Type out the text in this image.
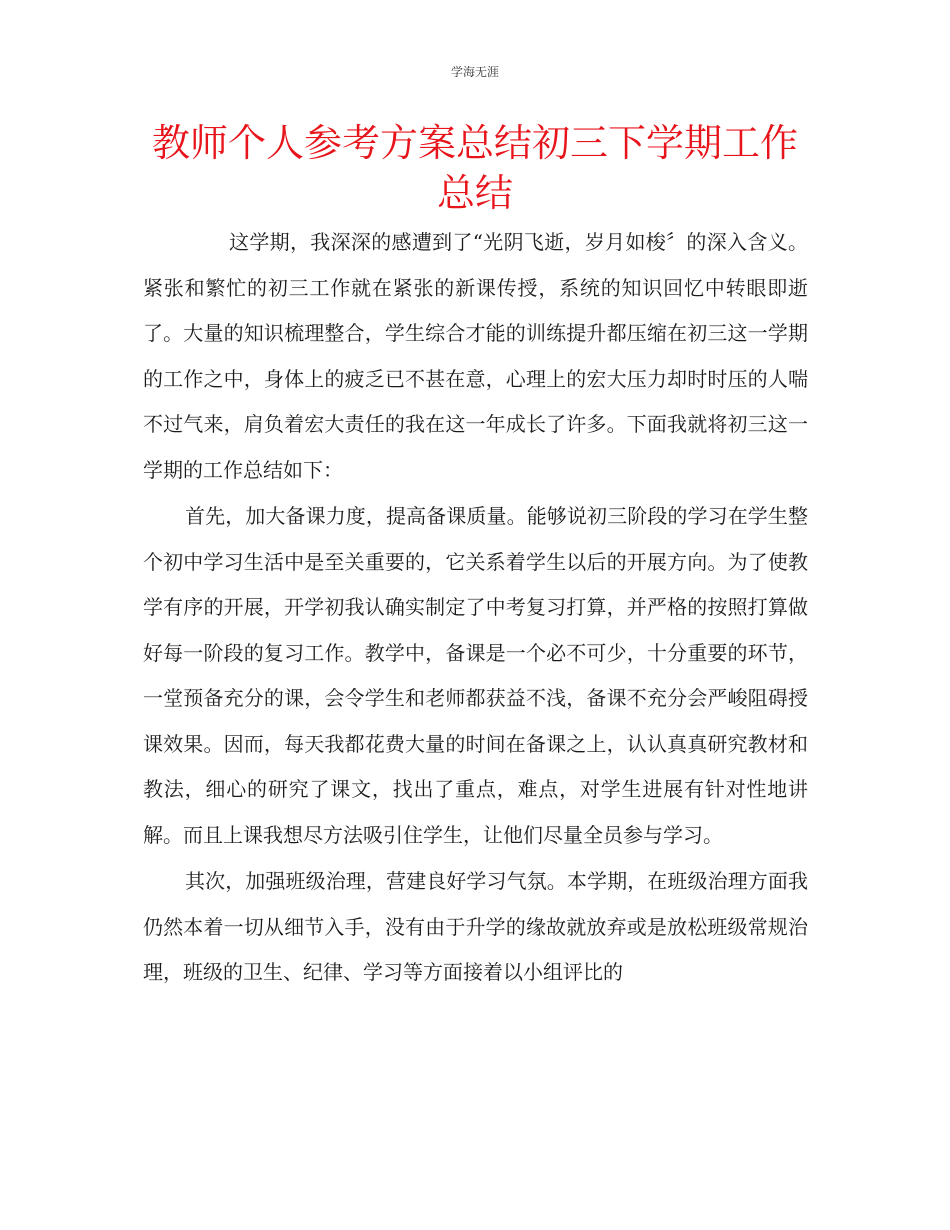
学海无涯
教师个人参考方案总结初三下学期工作总结

这学期，我深深的感遭到了“光阴飞逝，岁月如梭〞的深入含义。紧张和繁忙的初三工作就在紧张的新课传授，系统的知识回忆中转眼即逝了。大量的知识梳理整合，学生综合才能的训练提升都压缩在初三这一学期的工作之中，身体上的疲乏已不甚在意，心理上的宏大压力却时时压的人喘不过气来，肩负着宏大责任的我在这一年成长了许多。下面我就将初三这一学期的工作总结如下：

首先，加大备课力度，提高备课质量。能够说初三阶段的学习在学生整个初中学习生活中是至关重要的，它关系着学生以后的开展方向。为了使教学有序的开展，开学初我认确实制定了中考复习打算，并严格的按照打算做好每一阶段的复习工作。教学中，备课是一个必不可少，十分重要的环节，一堂预备充分的课，会令学生和老师都获益不浅，备课不充分会严峻阻碍授课效果。因而，每天我都花费大量的时间在备课之上，认认真真研究教材和教法，细心的研究了课文，找出了重点，难点，对学生进展有针对性地讲解。而且上课我想尽方法吸引住学生，让他们尽量全员参与学习。

其次，加强班级治理，营建良好学习气氛。本学期，在班级治理方面我仍然本着一切从细节入手，没有由于升学的缘故就放弃或是放松班级常规治理，班级的卫生、纪律、学习等方面接着以小组评比的
